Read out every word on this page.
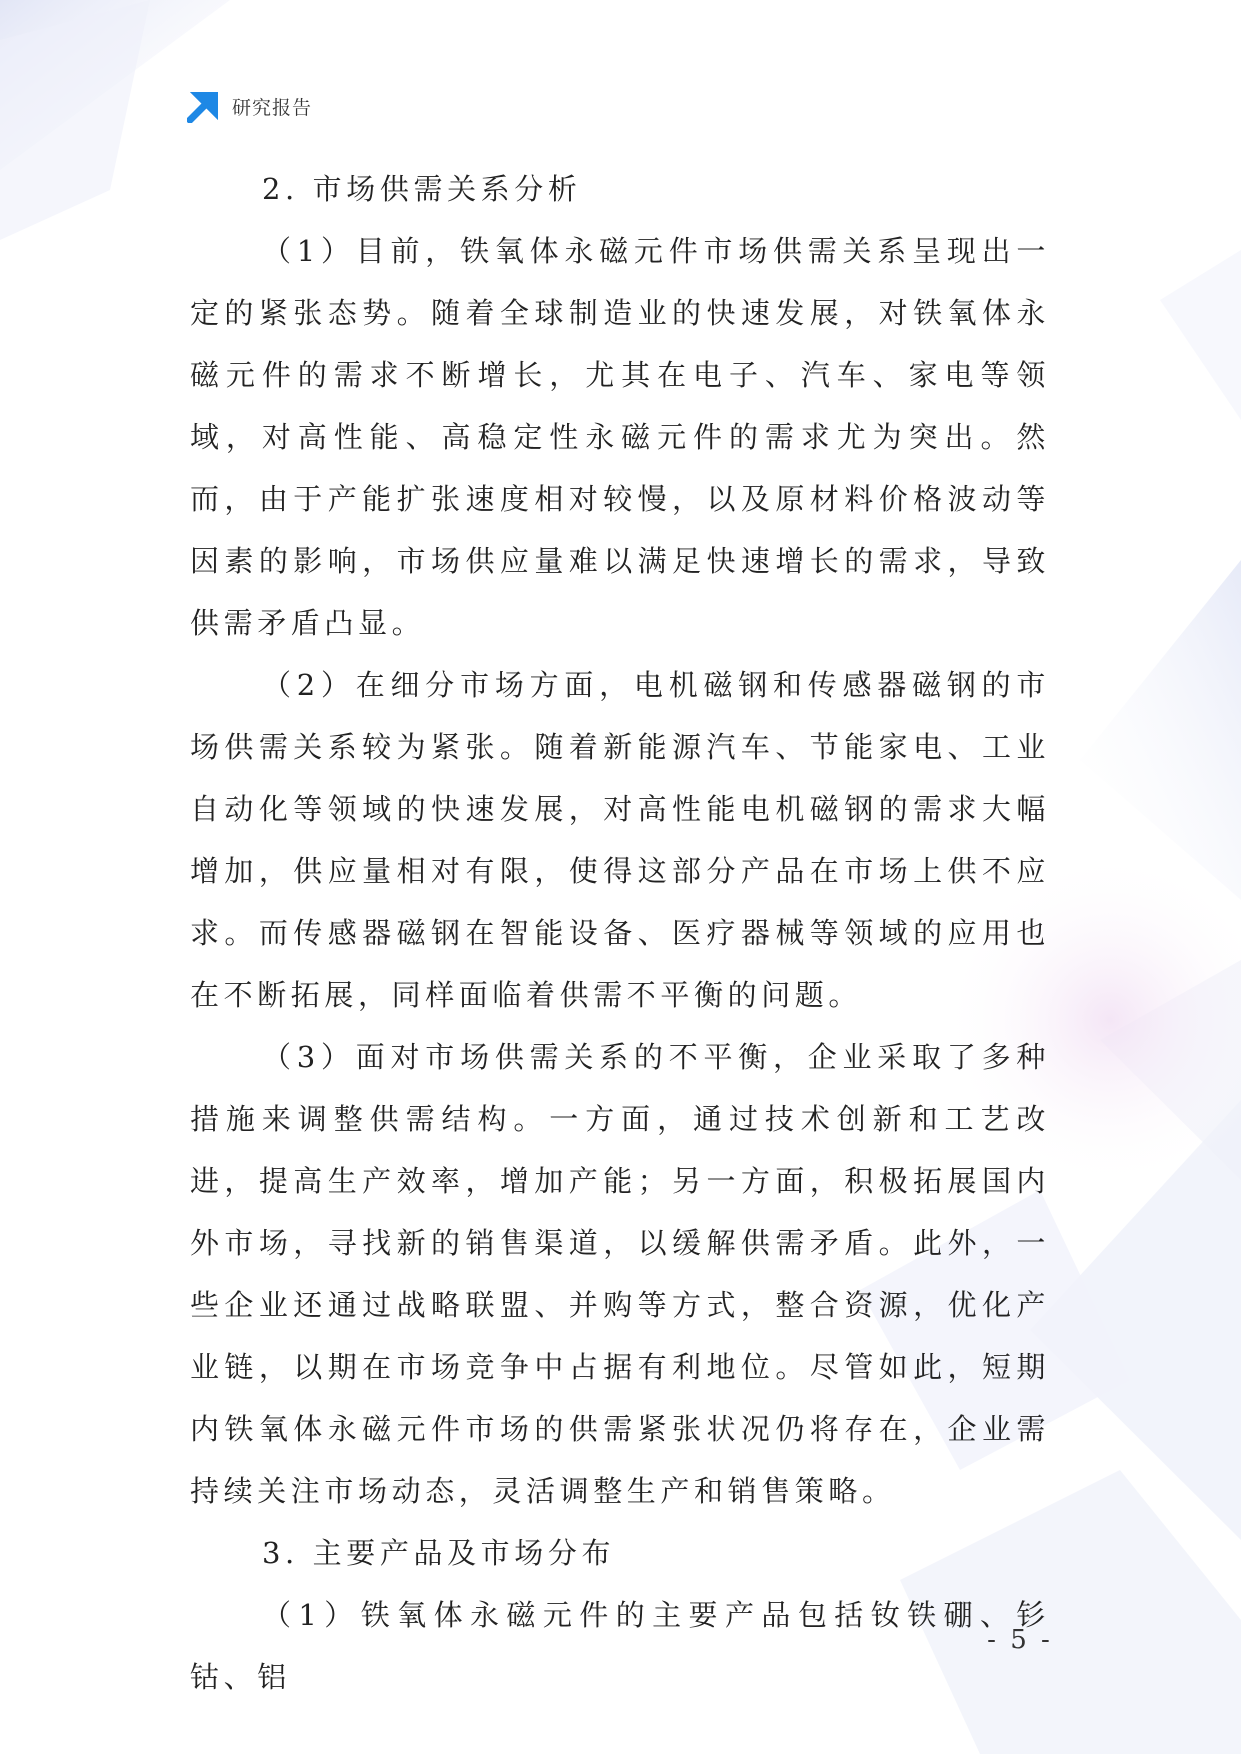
研究报告
2. 市场供需关系分析

（1）目前，铁氧体永磁元件市场供需关系呈现出一定的紧张态势。随着全球制造业的快速发展，对铁氧体永磁元件的需求不断增长，尤其在电子、汽车、家电等领域，对高性能、高稳定性永磁元件的需求尤为突出。然而，由于产能扩张速度相对较慢，以及原材料价格波动等因素的影响，市场供应量难以满足快速增长的需求，导致供需矛盾凸显。

（2）在细分市场方面，电机磁钢和传感器磁钢的市场供需关系较为紧张。随着新能源汽车、节能家电、工业自动化等领域的快速发展，对高性能电机磁钢的需求大幅增加，供应量相对有限，使得这部分产品在市场上供不应求。而传感器磁钢在智能设备、医疗器械等领域的应用也在不断拓展，同样面临着供需不平衡的问题。

（3）面对市场供需关系的不平衡，企业采取了多种措施来调整供需结构。一方面，通过技术创新和工艺改进，提高生产效率，增加产能；另一方面，积极拓展国内外市场，寻找新的销售渠道，以缓解供需矛盾。此外，一些企业还通过战略联盟、并购等方式，整合资源，优化产业链，以期在市场竞争中占据有利地位。尽管如此，短期内铁氧体永磁元件市场的供需紧张状况仍将存在，企业需持续关注市场动态，灵活调整生产和销售策略。

3. 主要产品及市场分布

（1）铁氧体永磁元件的主要产品包括钕铁硼、钐钴、铝

- 5 -
